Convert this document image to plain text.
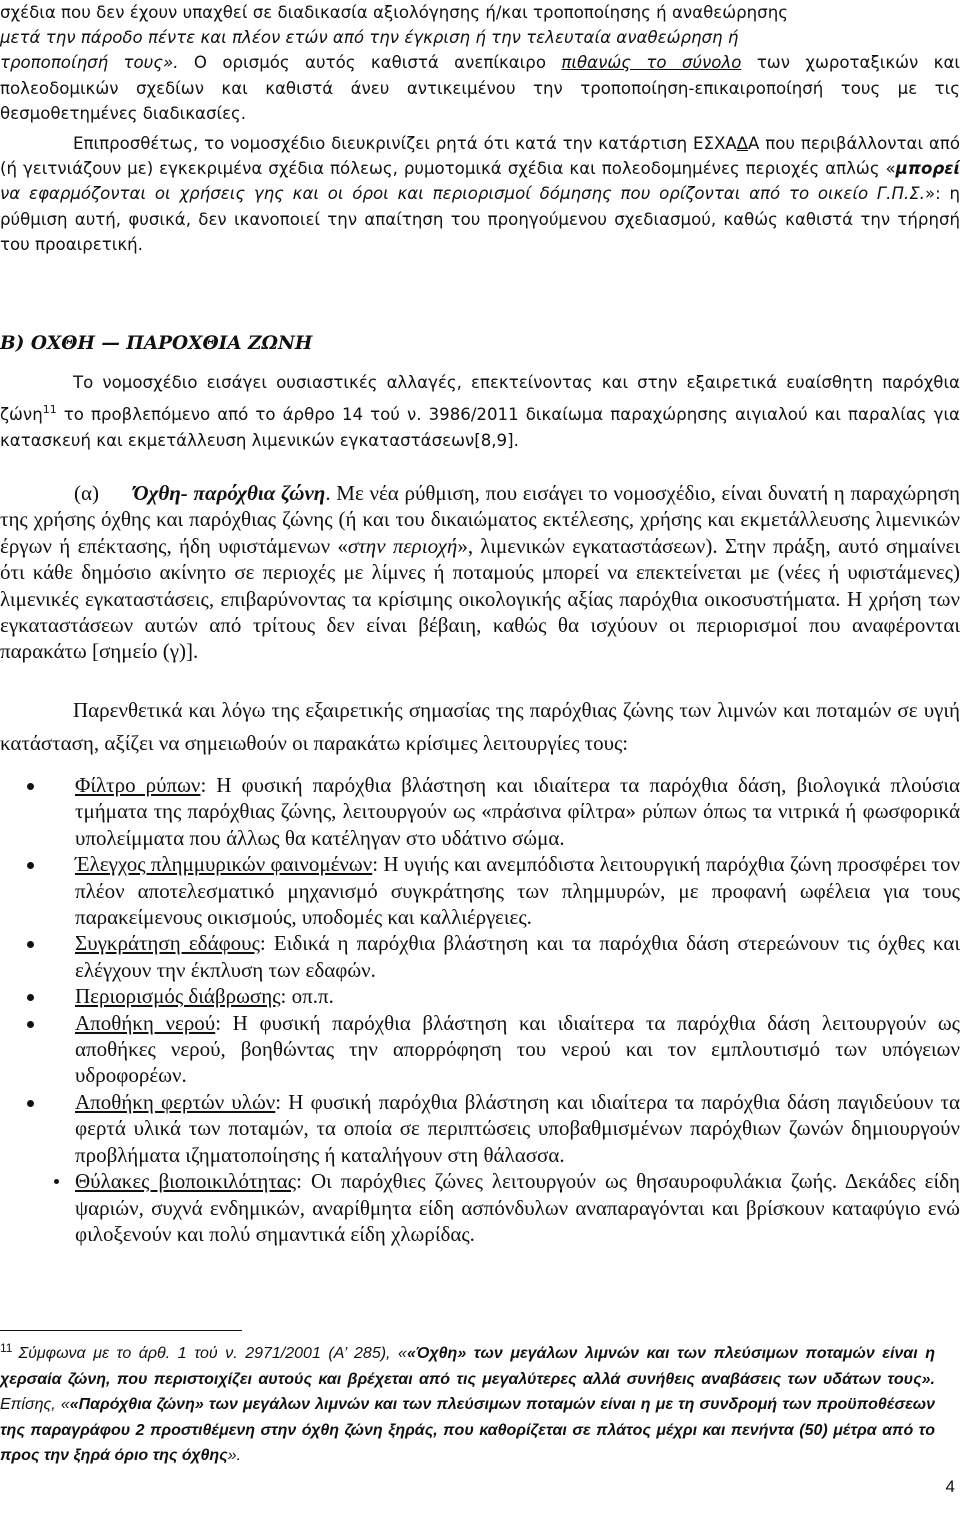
σχέδια που δεν έχουν υπαχθεί σε διαδικασία αξιολόγησης ή/και τροποποίησης ή αναθεώρησης
μετά την πάροδο πέντε και πλέον ετών από την έγκριση ή την τελευταία αναθεώρηση ή
τροποποίησή τους». Ο ορισμός αυτός καθιστά ανεπίκαιρο πιθανώς το σύνολο των χωροταξικών και πολεοδομικών σχεδίων και καθιστά άνευ αντικειμένου την τροποποίηση-επικαιροποίησή τους με τις θεσμοθετημένες διαδικασίες.

Επιπροσθέτως, το νομοσχέδιο διευκρινίζει ρητά ότι κατά την κατάρτιση ΕΣΧΑΔΑ που περιβάλλονται από (ή γειτνιάζουν με) εγκεκριμένα σχέδια πόλεως, ρυμοτομικά σχέδια και πολεοδομημένες περιοχές απλώς «μπορεί να εφαρμόζονται οι χρήσεις γης και οι όροι και περιορισμοί δόμησης που ορίζονται από το οικείο Γ.Π.Σ.»: η ρύθμιση αυτή, φυσικά, δεν ικανοποιεί την απαίτηση του προηγούμενου σχεδιασμού, καθώς καθιστά την τήρησή του προαιρετική.

Β) ΟΧΘΗ — ΠΑΡΟΧΘΙΑ ΖΩΝΗ

Το νομοσχέδιο εισάγει ουσιαστικές αλλαγές, επεκτείνοντας και στην εξαιρετικά ευαίσθητη παρόχθια ζώνη$^{11}$ το προβλεπόμενο από το άρθρο 14 τού ν. 3986/2011 δικαίωμα παραχώρησης αιγιαλού και παραλίας για κατασκευή και εκμετάλλευση λιμενικών εγκαταστάσεων[8,9].

(α) Όχθη- παρόχθια ζώνη. Με νέα ρύθμιση, που εισάγει το νομοσχέδιο, είναι δυνατή η παραχώρηση της χρήσης όχθης και παρόχθιας ζώνης (ή και του δικαιώματος εκτέλεσης, χρήσης και εκμετάλλευσης λιμενικών έργων ή επέκτασης, ήδη υφιστάμενων «στην περιοχή», λιμενικών εγκαταστάσεων). Στην πράξη, αυτό σημαίνει ότι κάθε δημόσιο ακίνητο σε περιοχές με λίμνες ή ποταμούς μπορεί να επεκτείνεται με (νέες ή υφιστάμενες) λιμενικές εγκαταστάσεις, επιβαρύνοντας τα κρίσιμης οικολογικής αξίας παρόχθια οικοσυστήματα. Η χρήση των εγκαταστάσεων αυτών από τρίτους δεν είναι βέβαιη, καθώς θα ισχύουν οι περιορισμοί που αναφέρονται παρακάτω [σημείο (γ)].

Παρενθετικά και λόγω της εξαιρετικής σημασίας της παρόχθιας ζώνης των λιμνών και ποταμών σε υγιή κατάσταση, αξίζει να σημειωθούν οι παρακάτω κρίσιμες λειτουργίες τους:

Φίλτρο ρύπων: Η φυσική παρόχθια βλάστηση και ιδιαίτερα τα παρόχθια δάση, βιολογικά πλούσια τμήματα της παρόχθιας ζώνης, λειτουργούν ως «πράσινα φίλτρα» ρύπων όπως τα νιτρικά ή φωσφορικά υπολείμματα που άλλως θα κατέληγαν στο υδάτινο σώμα.
Έλεγχος πλημμυρικών φαινομένων: Η υγιής και ανεμπόδιστα λειτουργική παρόχθια ζώνη προσφέρει τον πλέον αποτελεσματικό μηχανισμό συγκράτησης των πλημμυρών, με προφανή ωφέλεια για τους παρακείμενους οικισμούς, υποδομές και καλλιέργειες.
Συγκράτηση εδάφους: Ειδικά η παρόχθια βλάστηση και τα παρόχθια δάση στερεώνουν τις όχθες και ελέγχουν την έκπλυση των εδαφών.
Περιορισμός διάβρωσης: οπ.π.
Αποθήκη νερού: Η φυσική παρόχθια βλάστηση και ιδιαίτερα τα παρόχθια δάση λειτουργούν ως αποθήκες νερού, βοηθώντας την απορρόφηση του νερού και τον εμπλουτισμό των υπόγειων υδροφορέων.
Αποθήκη φερτών υλών: Η φυσική παρόχθια βλάστηση και ιδιαίτερα τα παρόχθια δάση παγιδεύουν τα φερτά υλικά των ποταμών, τα οποία σε περιπτώσεις υποβαθμισμένων παρόχθιων ζωνών δημιουργούν προβλήματα ιζηματοποίησης ή καταλήγουν στη θάλασσα.
Θύλακες βιοποικιλότητας: Οι παρόχθιες ζώνες λειτουργούν ως θησαυροφυλάκια ζωής. Δεκάδες είδη ψαριών, συχνά ενδημικών, αναρίθμητα είδη ασπόνδυλων αναπαραγόνται και βρίσκουν καταφύγιο ενώ φιλοξενούν και πολύ σημαντικά είδη χλωρίδας.

$^{11}$ Σύμφωνα με το άρθ. 1 τού ν. 2971/2001 (Α’ 285), ««Όχθη» των μεγάλων λιμνών και των πλεύσιμων ποταμών είναι η χερσαία ζώνη, που περιστοιχίζει αυτούς και βρέχεται από τις μεγαλύτερες αλλά συνήθεις αναβάσεις των υδάτων τους». Επίσης, ««Παρόχθια ζώνη» των μεγάλων λιμνών και των πλεύσιμων ποταμών είναι η με τη συνδρομή των προϋποθέσεων της παραγράφου 2 προστιθέμενη στην όχθη ζώνη ξηράς, που καθορίζεται σε πλάτος μέχρι και πενήντα (50) μέτρα από το προς την ξηρά όριο της όχθης».

4
